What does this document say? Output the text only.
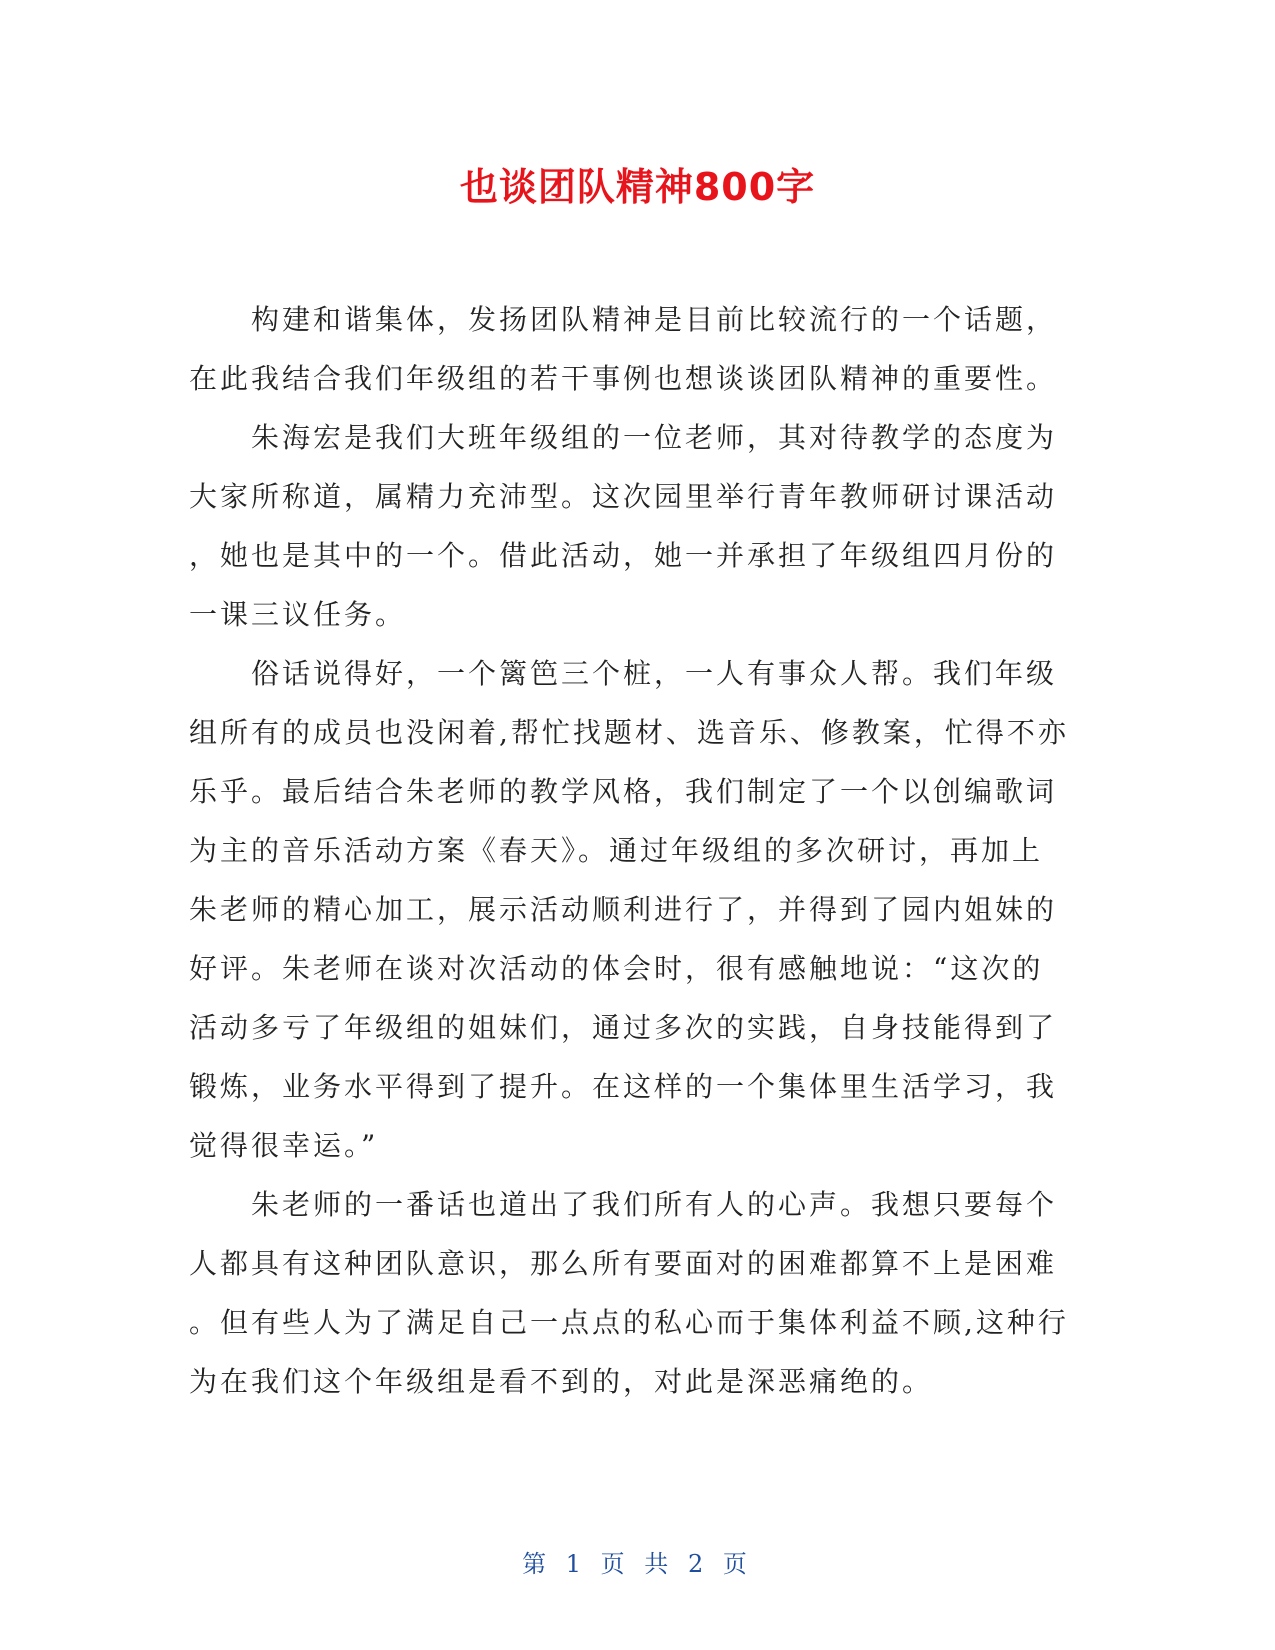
也谈团队精神800字
构建和谐集体，发扬团队精神是目前比较流行的一个话题，
在此我结合我们年级组的若干事例也想谈谈团队精神的重要性。
朱海宏是我们大班年级组的一位老师，其对待教学的态度为
大家所称道，属精力充沛型。这次园里举行青年教师研讨课活动
，她也是其中的一个。借此活动，她一并承担了年级组四月份的
一课三议任务。
俗话说得好，一个篱笆三个桩，一人有事众人帮。我们年级
组所有的成员也没闲着,帮忙找题材、选音乐、修教案，忙得不亦
乐乎。最后结合朱老师的教学风格，我们制定了一个以创编歌词
为主的音乐活动方案《春天》。通过年级组的多次研讨，再加上
朱老师的精心加工，展示活动顺利进行了，并得到了园内姐妹的
好评。朱老师在谈对次活动的体会时，很有感触地说：“这次的
活动多亏了年级组的姐妹们，通过多次的实践，自身技能得到了
锻炼，业务水平得到了提升。在这样的一个集体里生活学习，我
觉得很幸运。”
朱老师的一番话也道出了我们所有人的心声。我想只要每个
人都具有这种团队意识，那么所有要面对的困难都算不上是困难
。但有些人为了满足自己一点点的私心而于集体利益不顾,这种行
为在我们这个年级组是看不到的，对此是深恶痛绝的。
第 1 页 共 2 页
